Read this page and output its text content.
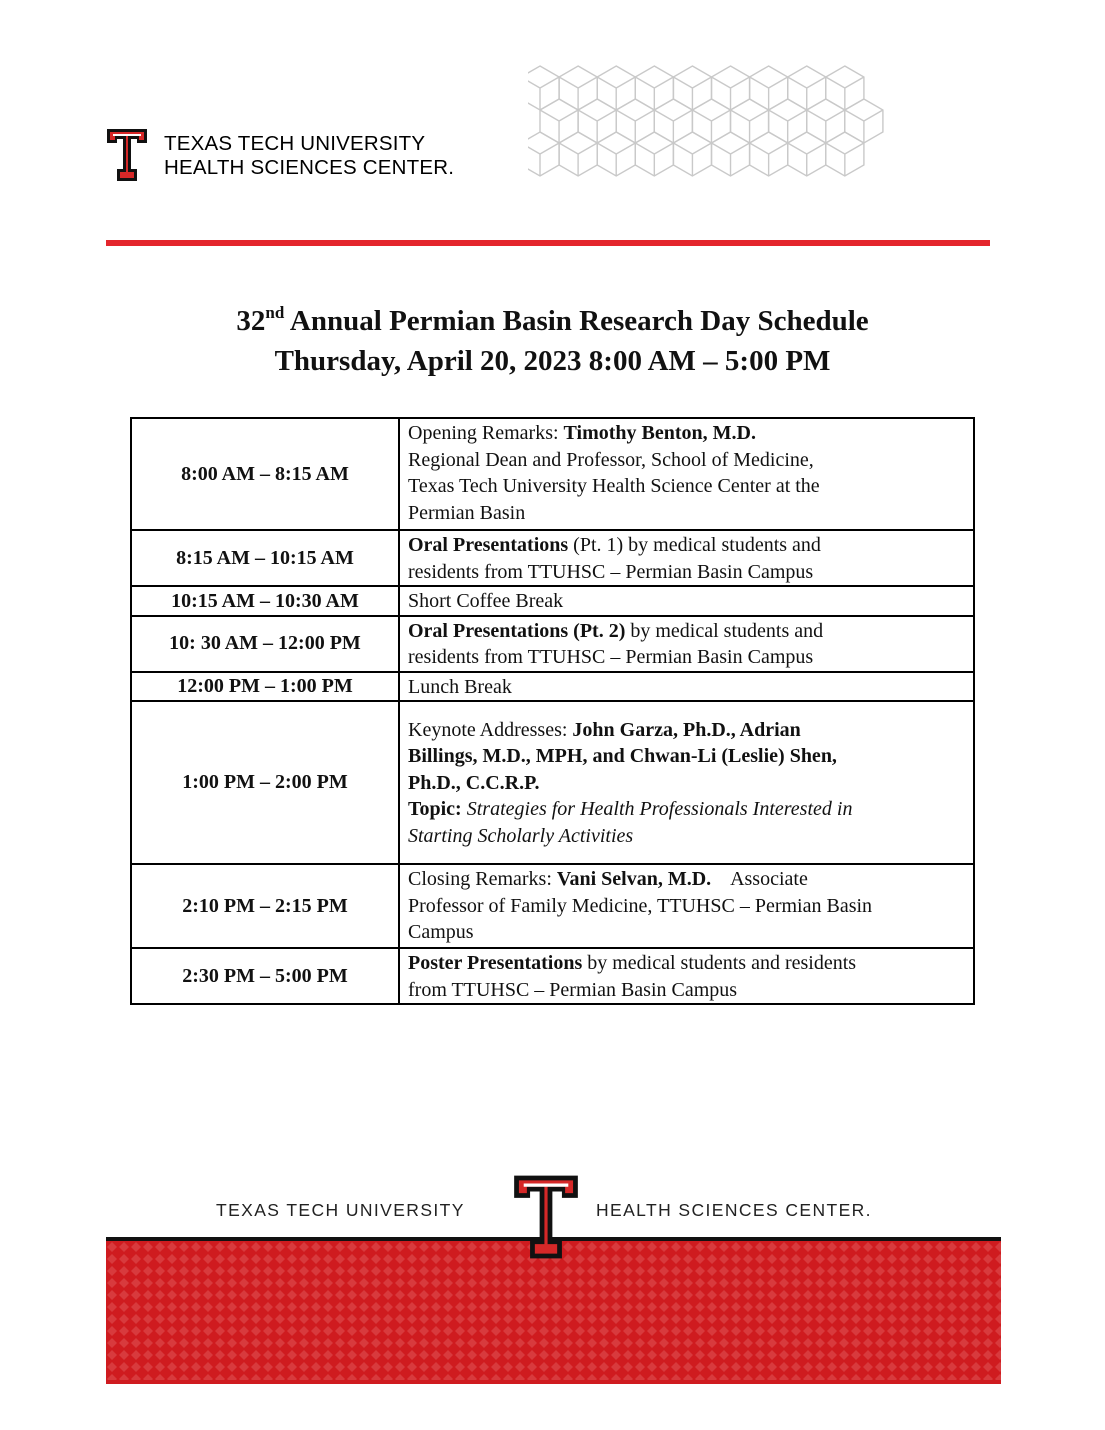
TEXAS TECH UNIVERSITY
HEALTH SCIENCES CENTER.
32nd Annual Permian Basin Research Day Schedule
Thursday, April 20, 2023 8:00 AM – 5:00 PM
8:00 AM – 8:15 AM	Opening Remarks: Timothy Benton, M.D.
Regional Dean and Professor, School of Medicine,
Texas Tech University Health Science Center at the
Permian Basin
8:15 AM – 10:15 AM	Oral Presentations (Pt. 1) by medical students and
residents from TTUHSC – Permian Basin Campus
10:15 AM – 10:30 AM	Short Coffee Break
10: 30 AM – 12:00 PM	Oral Presentations (Pt. 2) by medical students and
residents from TTUHSC – Permian Basin Campus
12:00 PM – 1:00 PM	Lunch Break
1:00 PM – 2:00 PM	Keynote Addresses: John Garza, Ph.D., Adrian
Billings, M.D., MPH, and Chwan-Li (Leslie) Shen,
Ph.D., C.C.R.P.
Topic: Strategies for Health Professionals Interested in
Starting Scholarly Activities
2:10 PM – 2:15 PM	Closing Remarks: Vani Selvan, M.D.    Associate
Professor of Family Medicine, TTUHSC – Permian Basin
Campus
2:30 PM – 5:00 PM	Poster Presentations by medical students and residents
from TTUHSC – Permian Basin Campus
TEXAS TECH UNIVERSITY	HEALTH SCIENCES CENTER.
